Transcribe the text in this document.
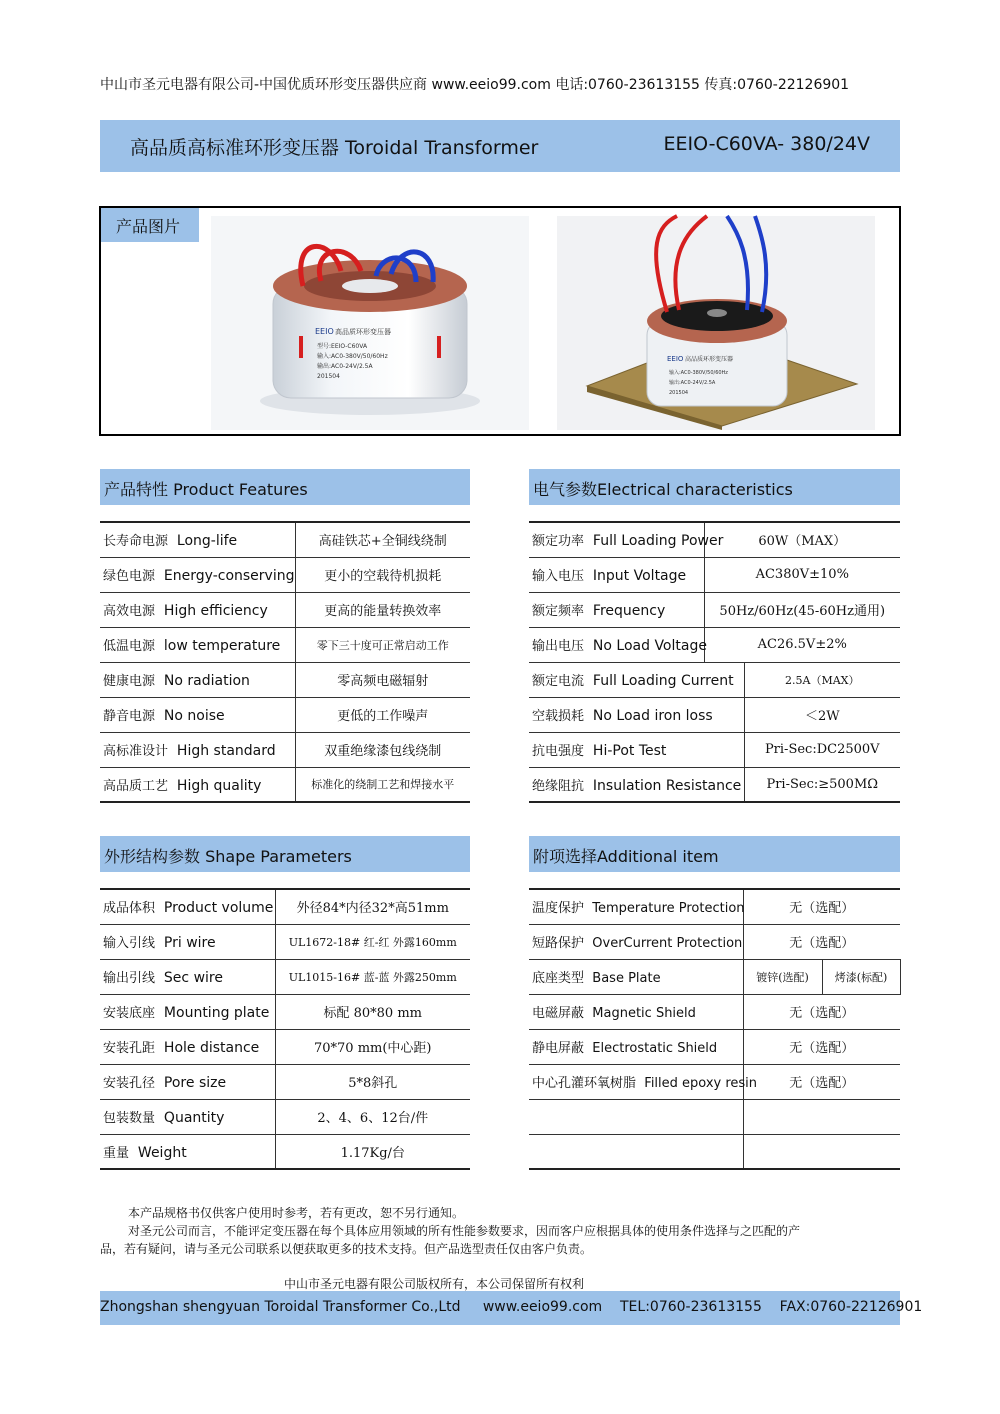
中山市圣元电器有限公司-中国优质环形变压器供应商 www.eeio99.com 电话:0760-23613155 传真:0760-22126901
高品质高标准环形变压器 Toroidal Transformer	EEIO-C60VA- 380/24V
产品图片
EEIO 高品质环形变压器
型号:EEIO-C60VA
输入:AC0-380V/50/60Hz
输出:AC0-24V/2.5A
201504
EEIO 高品质环形变压器
输入:AC0-380V/50/60Hz
输出:AC0-24V/2.5A
201504
产品特性 Product Features
长寿命电源 Long-life	高硅铁芯+全铜线绕制
绿色电源 Energy-conserving	更小的空载待机损耗
高效电源 High efficiency	更高的能量转换效率
低温电源 low temperature	零下三十度可正常启动工作
健康电源 No radiation	零高频电磁辐射
静音电源 No noise	更低的工作噪声
高标准设计 High standard	双重绝缘漆包线绕制
高品质工艺 High quality	标准化的绕制工艺和焊接水平
电气参数Electrical characteristics
额定功率 Full Loading Power	60W（MAX）	
输入电压 Input Voltage	AC380V±10%	
额定频率 Frequency	50Hz/60Hz(45-60Hz通用)	
输出电压 No Load Voltage	AC26.5V±2%	
额定电流 Full Loading Current		2.5A（MAX）
空载损耗 No Load iron loss		＜2W
抗电强度 Hi-Pot Test		Pri-Sec:DC2500V
绝缘阻抗 Insulation Resistance		Pri-Sec:≥500MΩ
外形结构参数 Shape Parameters
成品体积 Product volume	外径84*内径32*高51mm
输入引线 Pri wire	UL1672-18# 红-红 外露160mm
输出引线 Sec wire	UL1015-16# 蓝-蓝 外露250mm
安装底座 Mounting plate	标配 80*80 mm
安装孔距 Hole distance	70*70 mm(中心距)
安装孔径 Pore size	5*8斜孔
包装数量 Quantity	2、4、6、12台/件
重量 Weight	1.17Kg/台
附项选择Additional item
温度保护 Temperature Protection	无（选配）		
短路保护 OverCurrent Protection	无（选配）		
底座类型 Base Plate	镀锌(选配)	烤漆(标配)	
电磁屏蔽 Magnetic Shield	无（选配）		
静电屏蔽 Electrostatic Shield	无（选配）		
中心孔灌环氧树脂 Filled epoxy resin	无（选配）		

本产品规格书仅供客户使用时参考，若有更改，恕不另行通知。
对圣元公司而言，不能评定变压器在每个具体应用领域的所有性能参数要求，因而客户应根据具体的使用条件选择与之匹配的产
品，若有疑问，请与圣元公司联系以便获取更多的技术支持。但产品选型责任仅由客户负责。
中山市圣元电器有限公司版权所有，本公司保留所有权利
Zhongshan shengyuan Toroidal Transformer Co.,Ltd www.eeio99.com TEL:0760-23613155 FAX:0760-22126901
